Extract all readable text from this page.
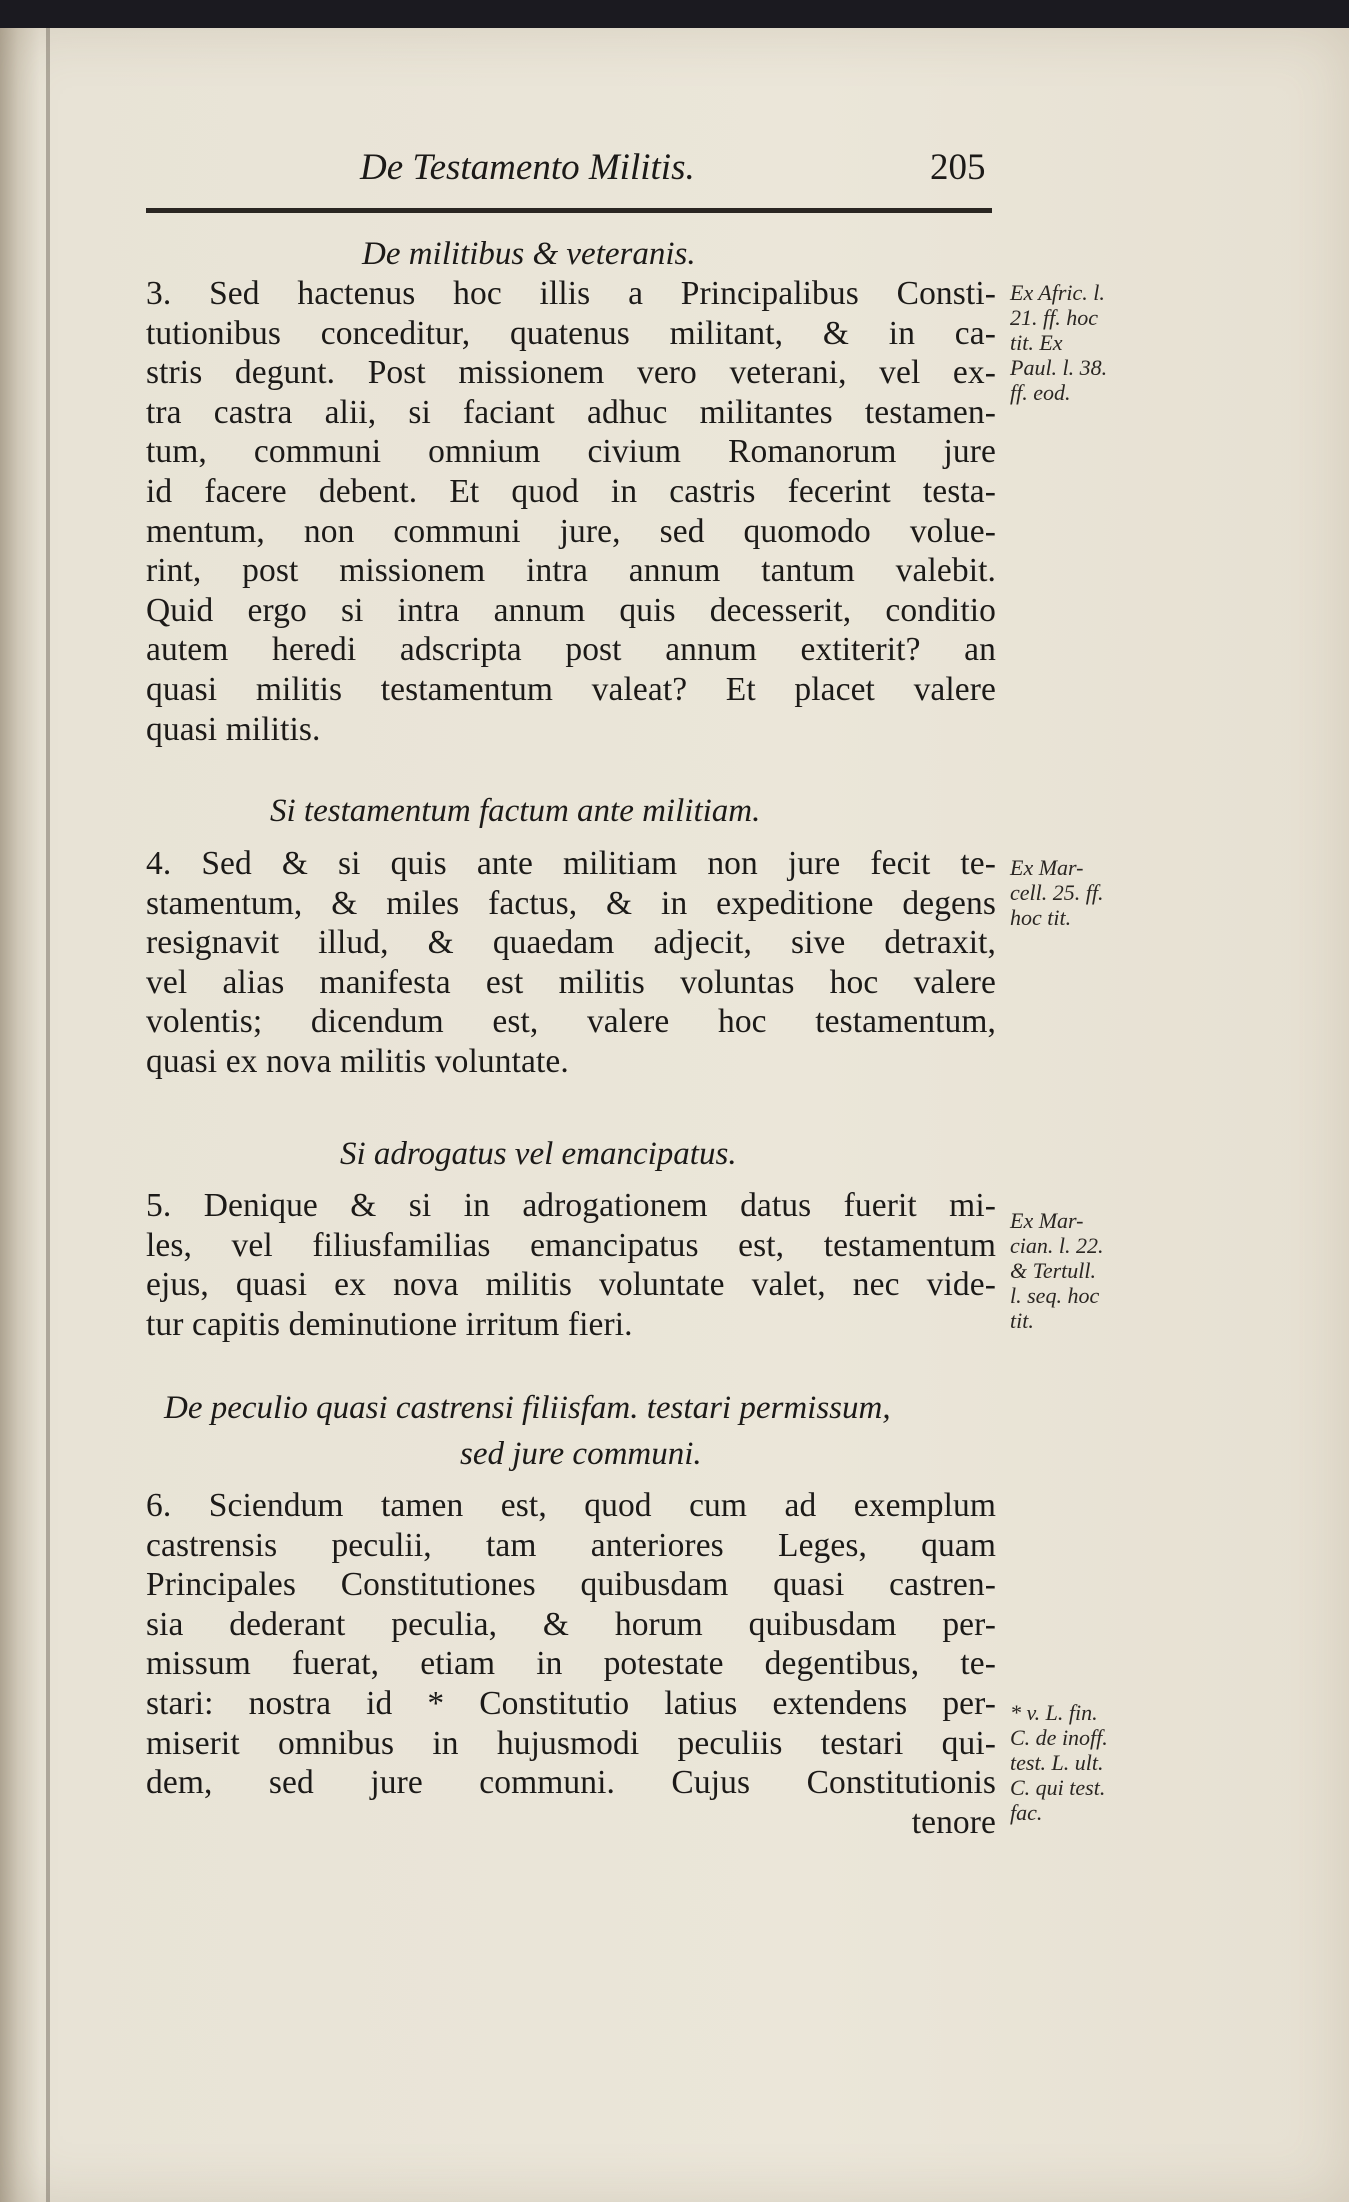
De Testamento Militis.	205
De militibus & veteranis.
3. Sed hactenus hoc illis a Principalibus Consti-
tutionibus conceditur, quatenus militant, & in ca-
stris degunt. Post missionem vero veterani, vel ex-
tra castra alii, si faciant adhuc militantes testamen-
tum, communi omnium civium Romanorum jure
id facere debent. Et quod in castris fecerint testa-
mentum, non communi jure, sed quomodo volue-
rint, post missionem intra annum tantum valebit.
Quid ergo si intra annum quis decesserit, conditio
autem heredi adscripta post annum extiterit? an
quasi militis testamentum valeat? Et placet valere
quasi militis.
Ex Afric. l.
21. ff. hoc
tit. Ex
Paul. l. 38.
ff. eod.
Si testamentum factum ante militiam.
4. Sed & si quis ante militiam non jure fecit te-
stamentum, & miles factus, & in expeditione degens
resignavit illud, & quaedam adjecit, sive detraxit,
vel alias manifesta est militis voluntas hoc valere
volentis; dicendum est, valere hoc testamentum,
quasi ex nova militis voluntate.
Ex Mar-
cell. 25. ff.
hoc tit.
Si adrogatus vel emancipatus.
5. Denique & si in adrogationem datus fuerit mi-
les, vel filiusfamilias emancipatus est, testamentum
ejus, quasi ex nova militis voluntate valet, nec vide-
tur capitis deminutione irritum fieri.
Ex Mar-
cian. l. 22.
& Tertull.
l. seq. hoc
tit.
De peculio quasi castrensi filiisfam. testari permissum,
sed jure communi.
6. Sciendum tamen est, quod cum ad exemplum
castrensis peculii, tam anteriores Leges, quam
Principales Constitutiones quibusdam quasi castren-
sia dederant peculia, & horum quibusdam per-
missum fuerat, etiam in potestate degentibus, te-
stari: nostra id * Constitutio latius extendens per-
miserit omnibus in hujusmodi peculiis testari qui-
dem, sed jure communi. Cujus Constitutionis
tenore
* v. L. fin.
C. de inoff.
test. L. ult.
C. qui test.
fac.
